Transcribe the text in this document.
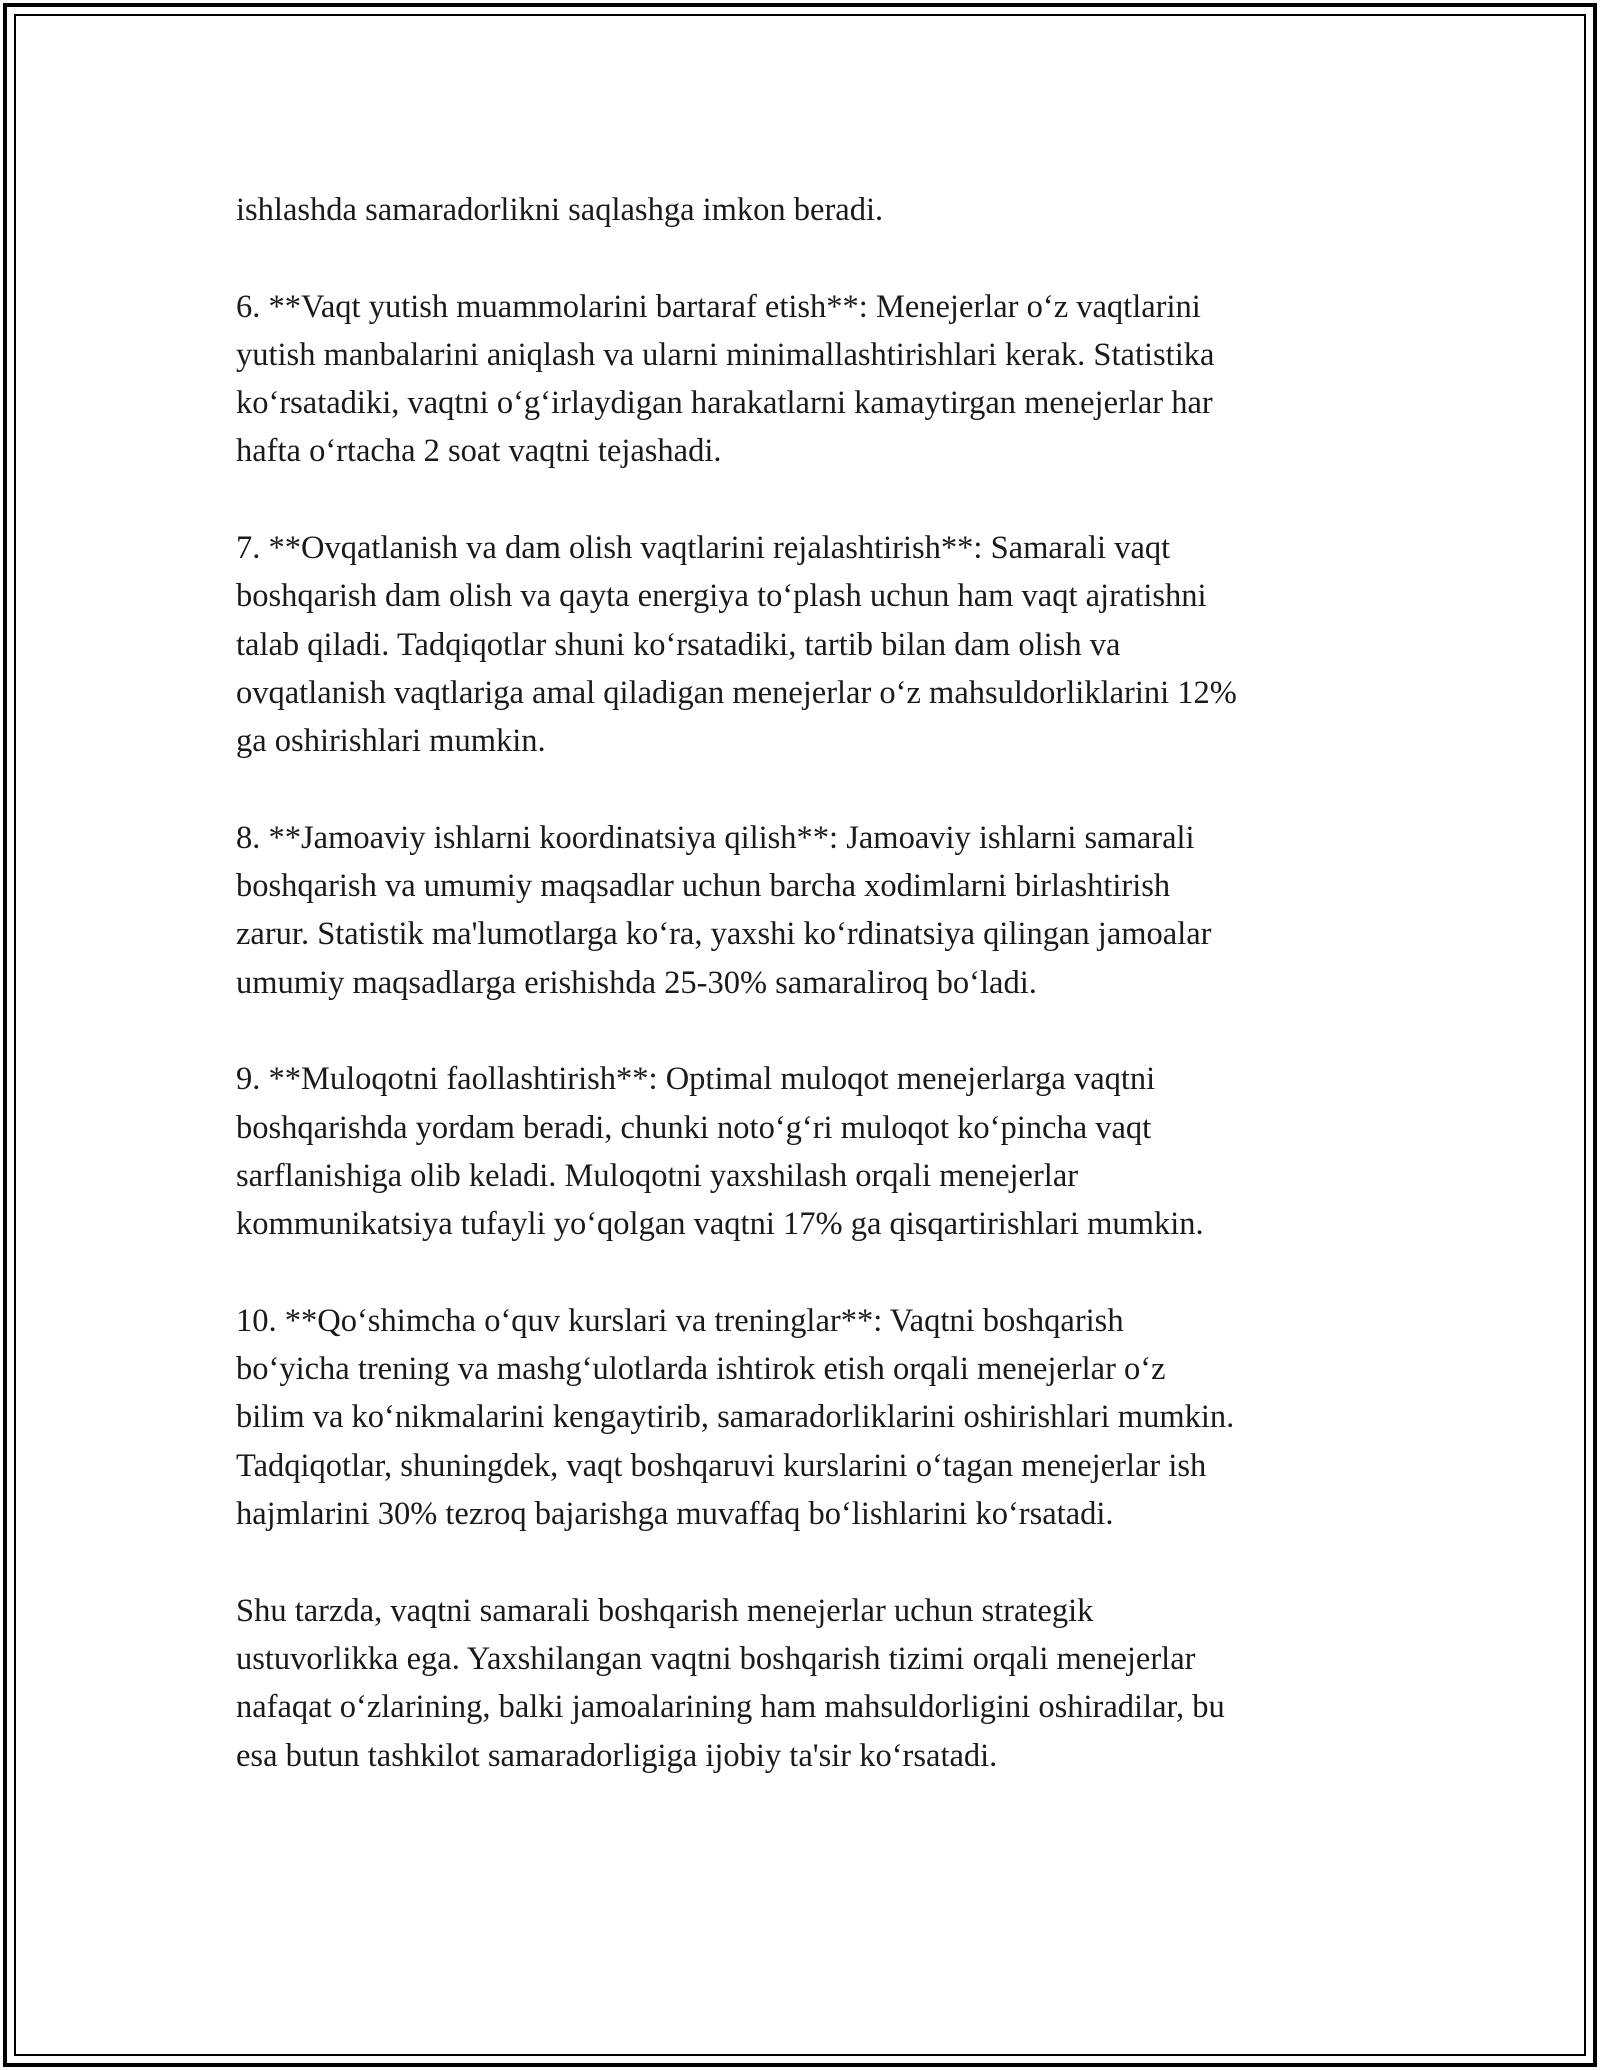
ishlashda samaradorlikni saqlashga imkon beradi.

6. **Vaqt yutish muammolarini bartaraf etish**: Menejerlar o‘z vaqtlarini
yutish manbalarini aniqlash va ularni minimallashtirishlari kerak. Statistika
ko‘rsatadiki, vaqtni o‘g‘irlaydigan harakatlarni kamaytirgan menejerlar har
hafta o‘rtacha 2 soat vaqtni tejashadi.

7. **Ovqatlanish va dam olish vaqtlarini rejalashtirish**: Samarali vaqt
boshqarish dam olish va qayta energiya to‘plash uchun ham vaqt ajratishni
talab qiladi. Tadqiqotlar shuni ko‘rsatadiki, tartib bilan dam olish va
ovqatlanish vaqtlariga amal qiladigan menejerlar o‘z mahsuldorliklarini 12%
ga oshirishlari mumkin.

8. **Jamoaviy ishlarni koordinatsiya qilish**: Jamoaviy ishlarni samarali
boshqarish va umumiy maqsadlar uchun barcha xodimlarni birlashtirish
zarur. Statistik ma'lumotlarga ko‘ra, yaxshi ko‘rdinatsiya qilingan jamoalar
umumiy maqsadlarga erishishda 25-30% samaraliroq bo‘ladi.

9. **Muloqotni faollashtirish**: Optimal muloqot menejerlarga vaqtni
boshqarishda yordam beradi, chunki noto‘g‘ri muloqot ko‘pincha vaqt
sarflanishiga olib keladi. Muloqotni yaxshilash orqali menejerlar
kommunikatsiya tufayli yo‘qolgan vaqtni 17% ga qisqartirishlari mumkin.

10. **Qo‘shimcha o‘quv kurslari va treninglar**: Vaqtni boshqarish
bo‘yicha trening va mashg‘ulotlarda ishtirok etish orqali menejerlar o‘z
bilim va ko‘nikmalarini kengaytirib, samaradorliklarini oshirishlari mumkin.
Tadqiqotlar, shuningdek, vaqt boshqaruvi kurslarini o‘tagan menejerlar ish
hajmlarini 30% tezroq bajarishga muvaffaq bo‘lishlarini ko‘rsatadi.

Shu tarzda, vaqtni samarali boshqarish menejerlar uchun strategik
ustuvorlikka ega. Yaxshilangan vaqtni boshqarish tizimi orqali menejerlar
nafaqat o‘zlarining, balki jamoalarining ham mahsuldorligini oshiradilar, bu
esa butun tashkilot samaradorligiga ijobiy ta'sir ko‘rsatadi.
